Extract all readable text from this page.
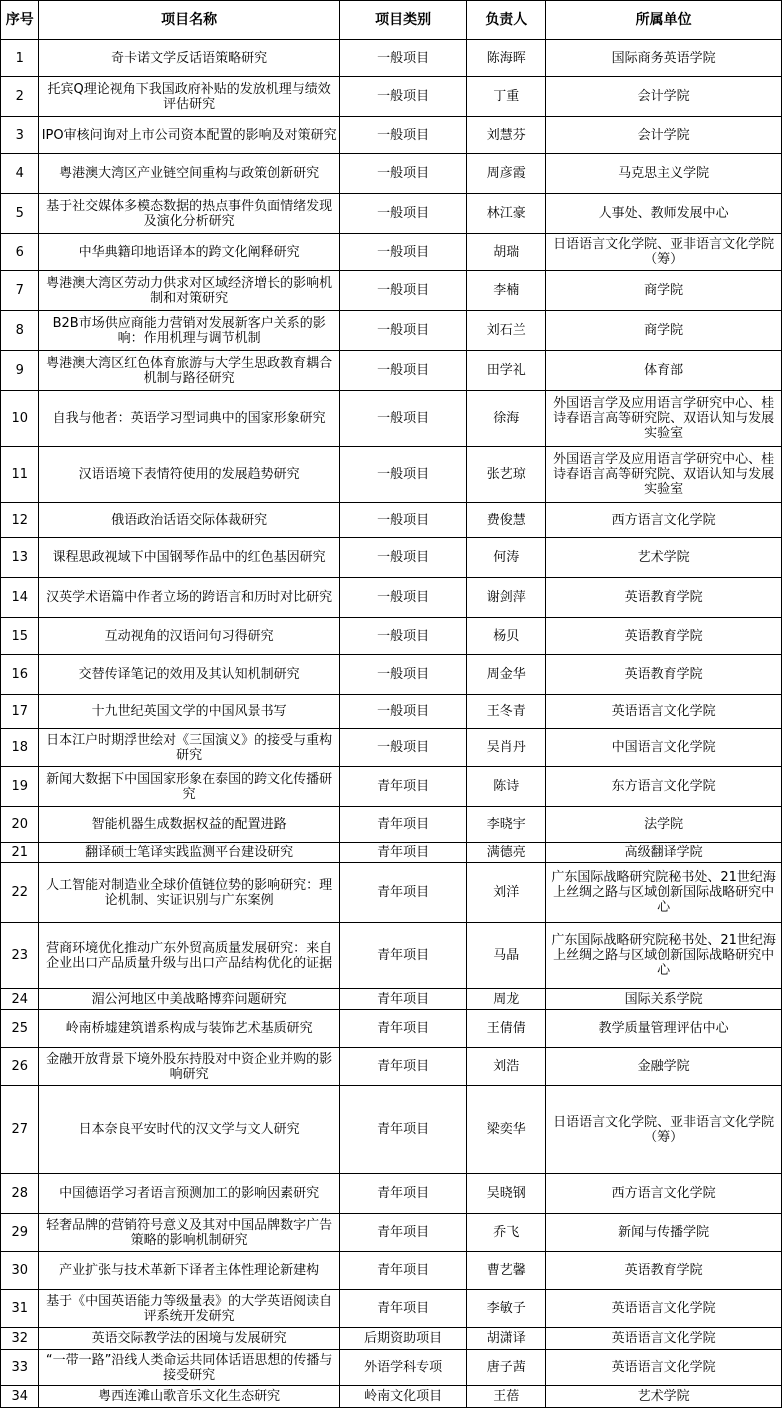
序号	项目名称	项目类别	负责人	所属单位
1	奇卡诺文学反话语策略研究	一般项目	陈海晖	国际商务英语学院
2	托宾Q理论视角下我国政府补贴的发放机理与绩效评估研究	一般项目	丁重	会计学院
3	IPO审核问询对上市公司资本配置的影响及对策研究	一般项目	刘慧芬	会计学院
4	粤港澳大湾区产业链空间重构与政策创新研究	一般项目	周彦霞	马克思主义学院
5	基于社交媒体多模态数据的热点事件负面情绪发现及演化分析研究	一般项目	林江豪	人事处、教师发展中心
6	中华典籍印地语译本的跨文化阐释研究	一般项目	胡瑞	日语语言文化学院、亚非语言文化学院（筹）
7	粤港澳大湾区劳动力供求对区域经济增长的影响机制和对策研究	一般项目	李楠	商学院
8	B2B市场供应商能力营销对发展新客户关系的影响：作用机理与调节机制	一般项目	刘石兰	商学院
9	粤港澳大湾区红色体育旅游与大学生思政教育耦合机制与路径研究	一般项目	田学礼	体育部
10	自我与他者：英语学习型词典中的国家形象研究	一般项目	徐海	外国语言学及应用语言学研究中心、桂诗春语言高等研究院、双语认知与发展实验室
11	汉语语境下表情符使用的发展趋势研究	一般项目	张艺琼	外国语言学及应用语言学研究中心、桂诗春语言高等研究院、双语认知与发展实验室
12	俄语政治话语交际体裁研究	一般项目	费俊慧	西方语言文化学院
13	课程思政视域下中国钢琴作品中的红色基因研究	一般项目	何涛	艺术学院
14	汉英学术语篇中作者立场的跨语言和历时对比研究	一般项目	谢剑萍	英语教育学院
15	互动视角的汉语问句习得研究	一般项目	杨贝	英语教育学院
16	交替传译笔记的效用及其认知机制研究	一般项目	周金华	英语教育学院
17	十九世纪英国文学的中国风景书写	一般项目	王冬青	英语语言文化学院
18	日本江户时期浮世绘对《三国演义》的接受与重构研究	一般项目	吴肖丹	中国语言文化学院
19	新闻大数据下中国国家形象在泰国的跨文化传播研究	青年项目	陈诗	东方语言文化学院
20	智能机器生成数据权益的配置进路	青年项目	李晓宇	法学院
21	翻译硕士笔译实践监测平台建设研究	青年项目	满德亮	高级翻译学院
22	人工智能对制造业全球价值链位势的影响研究：理论机制、实证识别与广东案例	青年项目	刘洋	广东国际战略研究院秘书处、21世纪海上丝绸之路与区域创新国际战略研究中心
23	营商环境优化推动广东外贸高质量发展研究：来自企业出口产品质量升级与出口产品结构优化的证据	青年项目	马晶	广东国际战略研究院秘书处、21世纪海上丝绸之路与区域创新国际战略研究中心
24	湄公河地区中美战略博弈问题研究	青年项目	周龙	国际关系学院
25	岭南桥墟建筑谱系构成与装饰艺术基质研究	青年项目	王倩倩	教学质量管理评估中心
26	金融开放背景下境外股东持股对中资企业并购的影响研究	青年项目	刘浩	金融学院
27	日本奈良平安时代的汉文学与文人研究	青年项目	梁奕华	日语语言文化学院、亚非语言文化学院（筹）
28	中国德语学习者语言预测加工的影响因素研究	青年项目	吴晓钢	西方语言文化学院
29	轻奢品牌的营销符号意义及其对中国品牌数字广告策略的影响机制研究	青年项目	乔飞	新闻与传播学院
30	产业扩张与技术革新下译者主体性理论新建构	青年项目	曹艺馨	英语教育学院
31	基于《中国英语能力等级量表》的大学英语阅读自评系统开发研究	青年项目	李敏子	英语语言文化学院
32	英语交际教学法的困境与发展研究	后期资助项目	胡潇译	英语语言文化学院
33	“一带一路”沿线人类命运共同体话语思想的传播与接受研究	外语学科专项	唐子茜	英语语言文化学院
34	粤西连滩山歌音乐文化生态研究	岭南文化项目	王蓓	艺术学院
